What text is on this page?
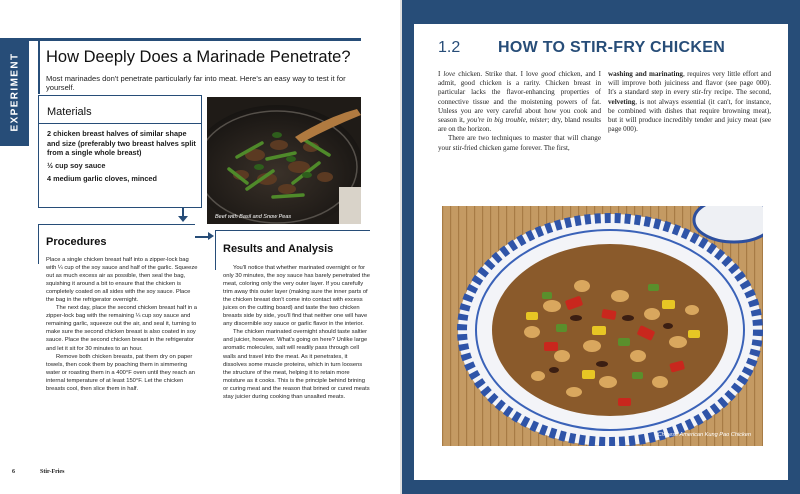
EXPERIMENT How Deeply Does a Marinade Penetrate?

Most marinades don't penetrate particularly far into meat. Here's an easy way to test it for yourself.

Materials
2 chicken breast halves of similar shape and size (preferably two breast halves split from a single whole breast)
½ cup soy sauce
4 medium garlic cloves, minced
Beef with Basil and Snow Peas
Procedures

Place a single chicken breast half into a zipper-lock bag with ¼ cup of the soy sauce and half of the garlic. Squeeze out as much excess air as possible, then seal the bag, squishing it around a bit to ensure that the chicken is completely coated on all sides with the soy sauce. Place the bag in the refrigerator overnight.

The next day, place the second chicken breast half in a zipper-lock bag with the remaining ¼ cup soy sauce and remaining garlic, squeeze out the air, and seal it, turning to make sure the second chicken breast is also coated in soy sauce. Place the second chicken breast in the refrigerator and let it sit for 30 minutes to an hour.

Remove both chicken breasts, pat them dry on paper towels, then cook them by poaching them in simmering water or roasting them in a 400°F oven until they reach an internal temperature of at least 150°F. Let the chicken breasts cool, then slice them in half.

Results and Analysis

You'll notice that whether marinated overnight or for only 30 minutes, the soy sauce has barely penetrated the meat, coloring only the very outer layer. If you carefully trim away this outer layer (making sure the inner parts of the chicken breast don't come into contact with excess juices on the cutting board) and taste the two chicken breasts side by side, you'll find that neither one will have any discernible soy sauce or garlic flavor in the interior.

The chicken marinated overnight should taste saltier and juicier, however. What's going on here? Unlike large aromatic molecules, salt will readily pass through cell walls and travel into the meat. As it penetrates, it dissolves some muscle proteins, which in turn loosens the structure of the meat, helping it to retain more moisture as it cooks. This is the principle behind brining or curing meat and the reason that brined or cured meats stay juicier during cooking than unsalted meats.

6	Stir-Fries
1.2 HOW TO STIR-FRY CHICKEN

I love chicken. Strike that. I love good chicken, and I admit, good chicken is a rarity. Chicken breast in particular lacks the flavor-enhancing properties of connective tissue and the moistening powers of fat. Unless you are very careful about how you cook and season it, you're in big trouble, mister; dry, bland results are on the horizon.

There are two techniques to master that will change your stir-fried chicken game forever. The first,

washing and marinating, requires very little effort and will improve both juiciness and flavor (see page 000). It's a standard step in every stir-fry recipe. The second, velveting, is not always essential (it can't, for instance, be combined with dishes that require browning meat), but it will produce incredibly tender and juicy meat (see page 000).

Chinese American Kung Pao Chicken
Marinating for Stir-Fries 101 7
